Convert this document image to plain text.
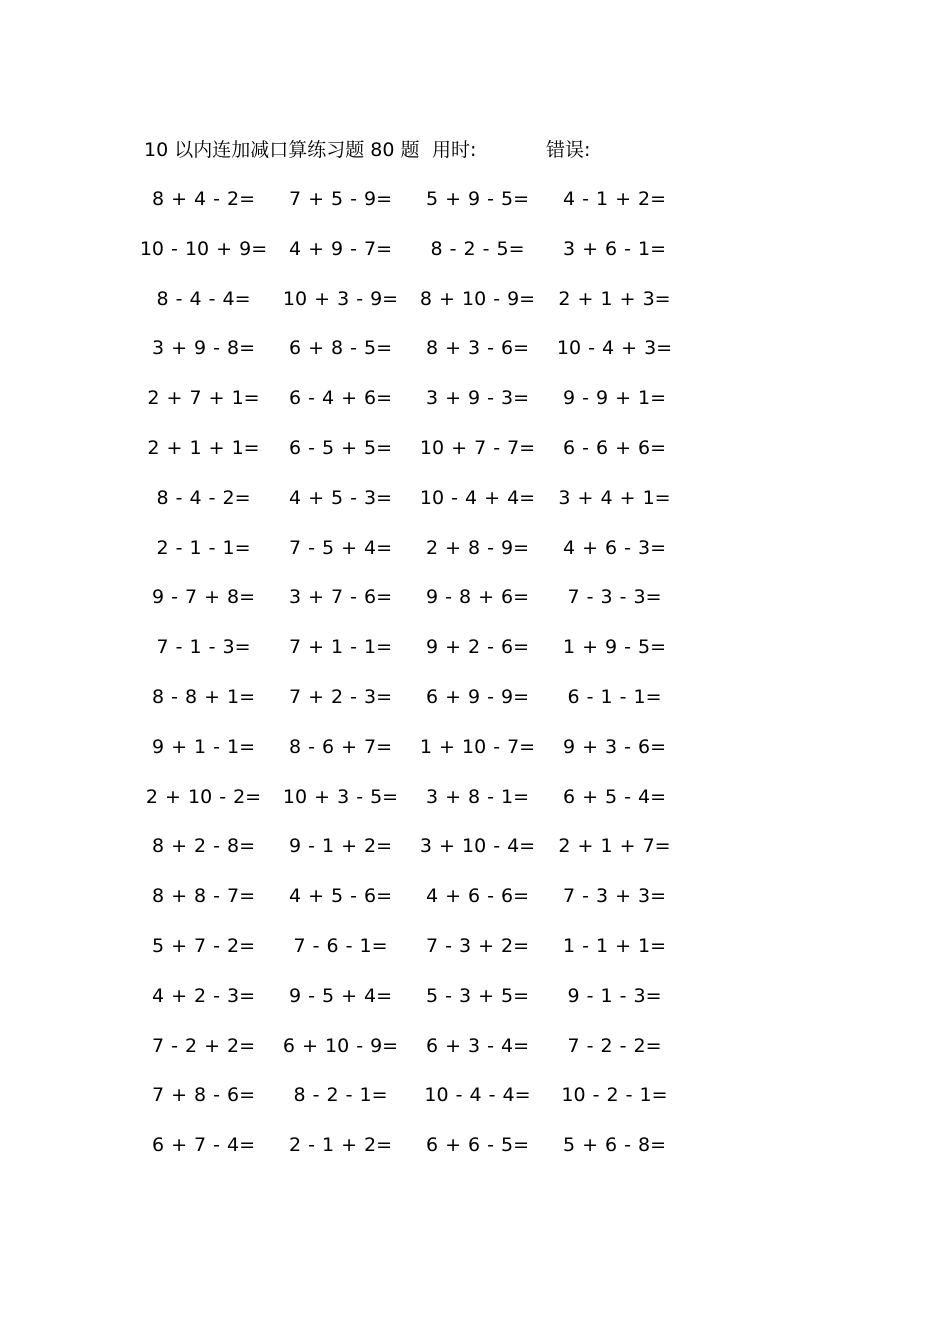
10 以内连加减口算练习题 80 题 用时:	错误:
8 + 4 - 2=	7 + 5 - 9=	5 + 9 - 5=	4 - 1 + 2=
10 - 10 + 9=	4 + 9 - 7=	8 - 2 - 5=	3 + 6 - 1=
8 - 4 - 4=	10 + 3 - 9=	8 + 10 - 9=	2 + 1 + 3=
3 + 9 - 8=	6 + 8 - 5=	8 + 3 - 6=	10 - 4 + 3=
2 + 7 + 1=	6 - 4 + 6=	3 + 9 - 3=	9 - 9 + 1=
2 + 1 + 1=	6 - 5 + 5=	10 + 7 - 7=	6 - 6 + 6=
8 - 4 - 2=	4 + 5 - 3=	10 - 4 + 4=	3 + 4 + 1=
2 - 1 - 1=	7 - 5 + 4=	2 + 8 - 9=	4 + 6 - 3=
9 - 7 + 8=	3 + 7 - 6=	9 - 8 + 6=	7 - 3 - 3=
7 - 1 - 3=	7 + 1 - 1=	9 + 2 - 6=	1 + 9 - 5=
8 - 8 + 1=	7 + 2 - 3=	6 + 9 - 9=	6 - 1 - 1=
9 + 1 - 1=	8 - 6 + 7=	1 + 10 - 7=	9 + 3 - 6=
2 + 10 - 2=	10 + 3 - 5=	3 + 8 - 1=	6 + 5 - 4=
8 + 2 - 8=	9 - 1 + 2=	3 + 10 - 4=	2 + 1 + 7=
8 + 8 - 7=	4 + 5 - 6=	4 + 6 - 6=	7 - 3 + 3=
5 + 7 - 2=	7 - 6 - 1=	7 - 3 + 2=	1 - 1 + 1=
4 + 2 - 3=	9 - 5 + 4=	5 - 3 + 5=	9 - 1 - 3=
7 - 2 + 2=	6 + 10 - 9=	6 + 3 - 4=	7 - 2 - 2=
7 + 8 - 6=	8 - 2 - 1=	10 - 4 - 4=	10 - 2 - 1=
6 + 7 - 4=	2 - 1 + 2=	6 + 6 - 5=	5 + 6 - 8=
